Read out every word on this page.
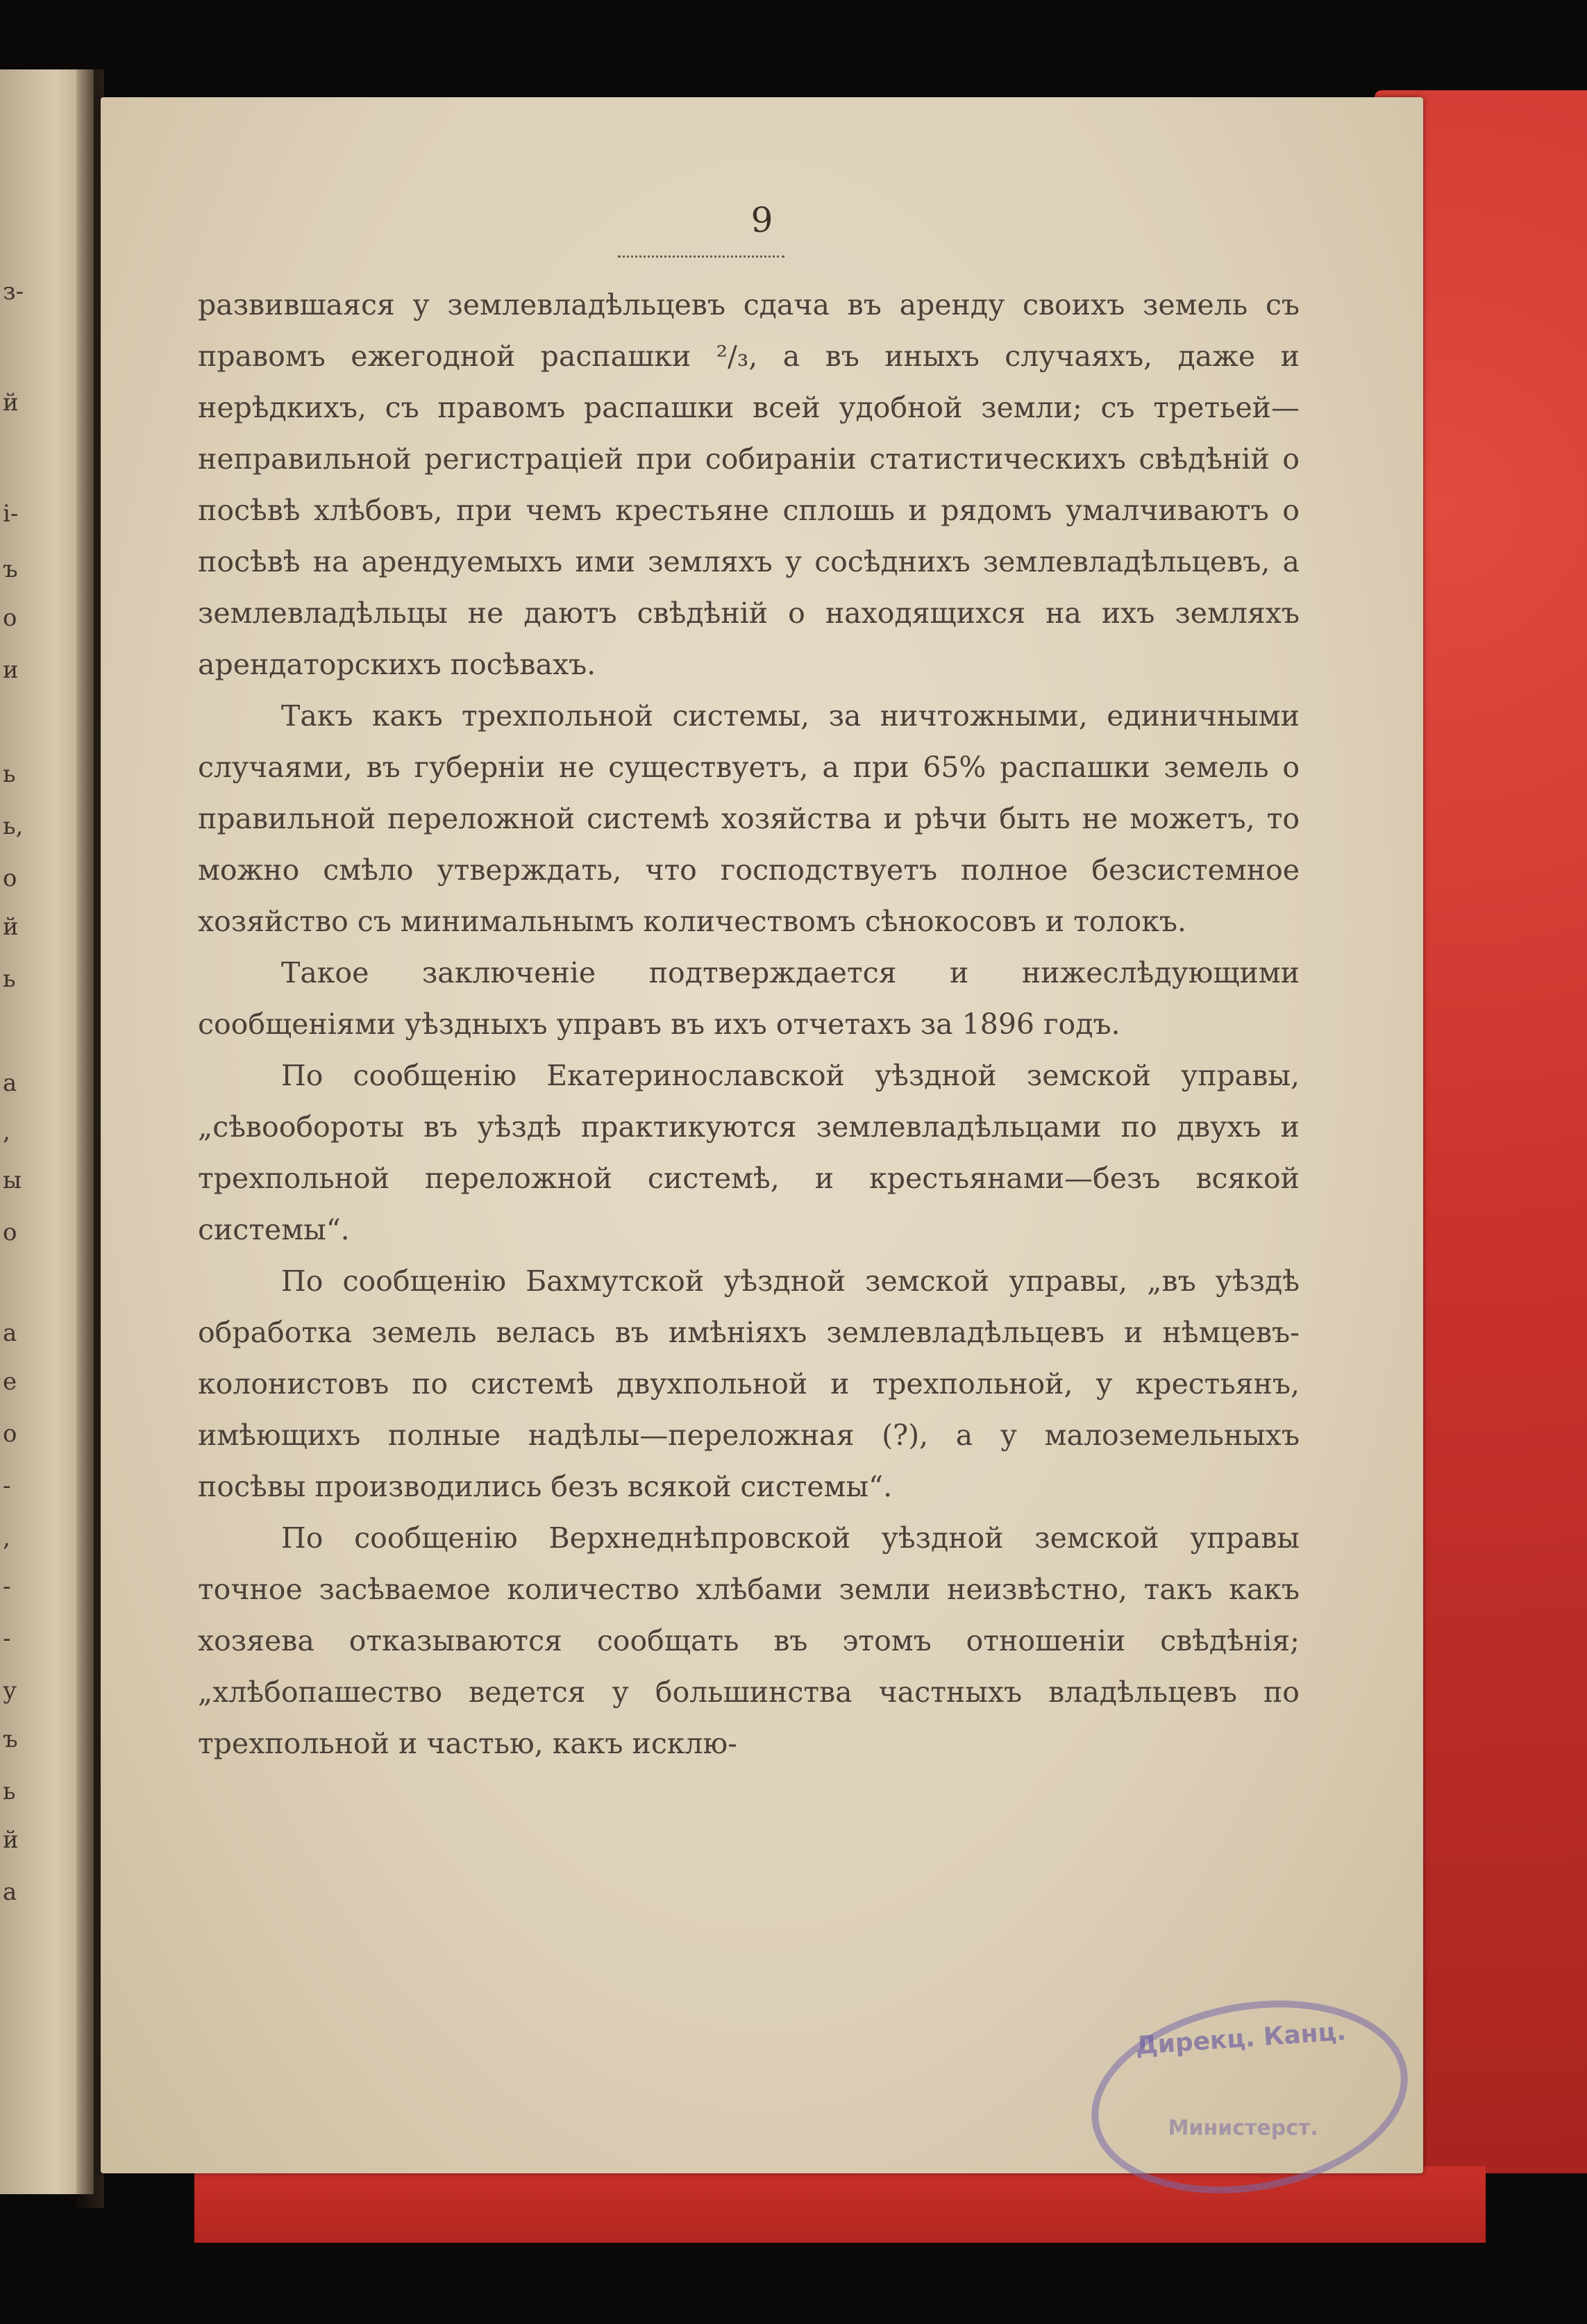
з-
й
i-
ъ
о
и
ь
ь,
о
й
ь
а
,
ы
о
а
е
о
-
,
-
-
у
ъ
ь
й
а
9

развившаяся у землевладѣльцевъ сдача въ аренду своихъ земель съ правомъ ежегодной распашки ²/₃, а въ иныхъ случаяхъ, даже и нерѣдкихъ, съ правомъ распашки всей удобной земли; съ третьей—неправильной регистраціей при собираніи статистическихъ свѣдѣній о посѣвѣ хлѣбовъ, при чемъ крестьяне сплошь и рядомъ умалчиваютъ о посѣвѣ на арендуемыхъ ими земляхъ у сосѣднихъ землевладѣльцевъ, а землевладѣльцы не даютъ свѣдѣній о находящихся на ихъ земляхъ арендаторскихъ посѣвахъ.

Такъ какъ трехпольной системы, за ничтожными, единичными случаями, въ губерніи не существуетъ, а при 65% распашки земель о правильной переложной системѣ хозяйства и рѣчи быть не можетъ, то можно смѣло утверждать, что господствуетъ полное безсистемное хозяйство съ минимальнымъ количествомъ сѣнокосовъ и толокъ.

Такое заключеніе подтверждается и нижеслѣдующими сообщеніями уѣздныхъ управъ въ ихъ отчетахъ за 1896 годъ.

По сообщенію Екатеринославской уѣздной земской управы, „сѣвообороты въ уѣздѣ практикуются землевладѣльцами по двухъ и трехпольной переложной системѣ, и крестьянами—безъ всякой системы“.

По сообщенію Бахмутской уѣздной земской управы, „въ уѣздѣ обработка земель велась въ имѣніяхъ землевладѣльцевъ и нѣмцевъ-колонистовъ по системѣ двухпольной и трехпольной, у крестьянъ, имѣющихъ полные надѣлы—переложная (?), а у малоземельныхъ посѣвы производились безъ всякой системы“.

По сообщенію Верхнеднѣпровской уѣздной земской управы точное засѣваемое количество хлѣбами земли неизвѣстно, такъ какъ хозяева отказываются сообщать въ этомъ отношеніи свѣдѣнія; „хлѣбопашество ведется у большинства частныхъ владѣльцевъ по трехпольной и частью, какъ исклю-

Дирекц. Канц.
Министерст.
